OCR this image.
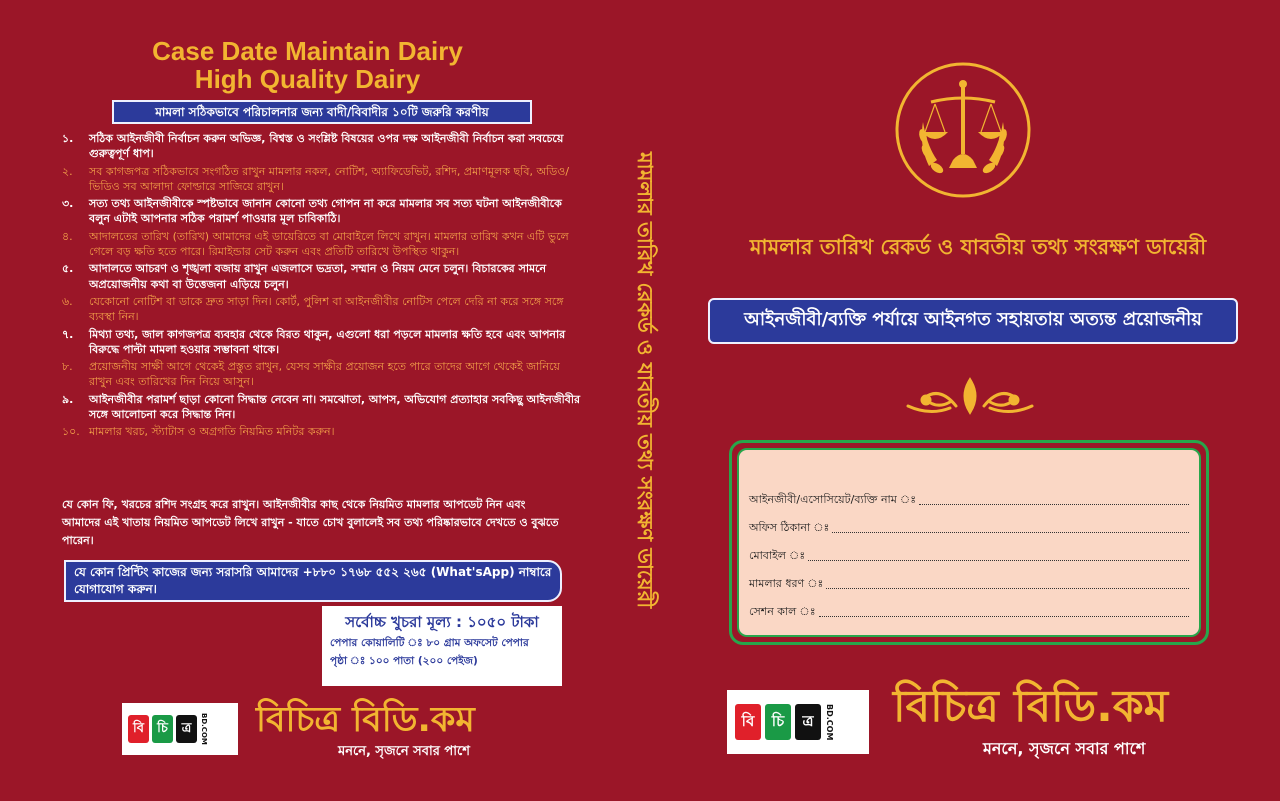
Case Date Maintain Dairy
High Quality Dairy
মামলা সঠিকভাবে পরিচালনার জন্য বাদী/বিবাদীর ১০টি জরুরি করণীয়
১.	সঠিক আইনজীবী নির্বাচন করুন অভিজ্ঞ, বিশ্বস্ত ও সংশ্লিষ্ট বিষয়ের ওপর দক্ষ আইনজীবী নির্বাচন করা সবচেয়ে গুরুত্বপূর্ণ ধাপ।
২.	সব কাগজপত্র সঠিকভাবে সংগঠিত রাখুন মামলার নকল, নোটিশ, অ্যাফিডেভিট, রশিদ, প্রমাণমূলক ছবি, অডিও/ভিডিও সব আলাদা ফোল্ডারে সাজিয়ে রাখুন।
৩.	সত্য তথ্য আইনজীবীকে স্পষ্টভাবে জানান কোনো তথ্য গোপন না করে মামলার সব সত্য ঘটনা আইনজীবীকে বলুন এটাই আপনার সঠিক পরামর্শ পাওয়ার মূল চাবিকাঠি।
৪.	আদালতের তারিখ (তারিখ) আমাদের এই ডায়েরিতে বা মোবাইলে লিখে রাখুন। মামলার তারিখ কখন এটি ভুলে গেলে বড় ক্ষতি হতে পারে। রিমাইন্ডার সেট করুন এবং প্রতিটি তারিখে উপস্থিত থাকুন।
৫.	আদালতে আচরণ ও শৃঙ্খলা বজায় রাখুন এজলাসে ভদ্রতা, সম্মান ও নিয়ম মেনে চলুন। বিচারকের সামনে অপ্রয়োজনীয় কথা বা উত্তেজনা এড়িয়ে চলুন।
৬.	যেকোনো নোটিশ বা ডাকে দ্রুত সাড়া দিন। কোর্ট, পুলিশ বা আইনজীবীর নোটিস পেলে দেরি না করে সঙ্গে সঙ্গে ব্যবস্থা নিন।
৭.	মিথ্যা তথ্য, জাল কাগজপত্র ব্যবহার থেকে বিরত থাকুন, এগুলো ধরা পড়লে মামলার ক্ষতি হবে এবং আপনার বিরুদ্ধে পাল্টা মামলা হওয়ার সম্ভাবনা থাকে।
৮.	প্রয়োজনীয় সাক্ষী আগে থেকেই প্রস্তুত রাখুন, যেসব সাক্ষীর প্রয়োজন হতে পারে তাদের আগে থেকেই জানিয়ে রাখুন এবং তারিখের দিন নিয়ে আসুন।
৯.	আইনজীবীর পরামর্শ ছাড়া কোনো সিদ্ধান্ত নেবেন না। সমঝোতা, আপস, অভিযোগ প্রত্যাহার সবকিছু আইনজীবীর সঙ্গে আলোচনা করে সিদ্ধান্ত নিন।
১০. মামলার খরচ, স্ট্যাটাস ও অগ্রগতি নিয়মিত মনিটর করুন।
যে কোন ফি, খরচের রশিদ সংগ্রহ করে রাখুন। আইনজীবীর কাছ থেকে নিয়মিত মামলার আপডেট নিন এবং আমাদের এই খাতায় নিয়মিত আপডেট লিখে রাখুন - যাতে চোখ বুলালেই সব তথ্য পরিষ্কারভাবে দেখতে ও বুঝতে পারেন।
যে কোন প্রিন্টিং কাজের জন্য সরাসরি আমাদের +৮৮০ ১৭৬৮ ৫৫২ ২৬৫ (What'sApp) নাম্বারে যোগাযোগ করুন।
সর্বোচ্চ খুচরা মূল্য : ১০৫০ টাকা
পেপার কোয়ালিটি ঃ ৮০ গ্রাম অফসেট পেপার
পৃষ্ঠা ঃ ১০০ পাতা (২০০ পেইজ)
বি	চি	ত্র	BD.COM বিচিত্র বিডি.কম
মননে, সৃজনে সবার পাশে
মামলার তারিখ রেকর্ড ও যাবতীয় তথ্য সংরক্ষণ ডায়েরী	মামলার তারিখ রেকর্ড ও যাবতীয় তথ্য সংরক্ষণ ডায়েরী
আইনজীবী/ব্যক্তি পর্যায়ে আইনগত সহায়তায় অত্যন্ত প্রয়োজনীয়
আইনজীবী/এসোসিয়েট/ব্যক্তি নাম ঃ
অফিস ঠিকানা ঃ
মোবাইল ঃ
মামলার ধরণ ঃ
সেশন কাল ঃ
বি	চি	ত্র	BD.COM বিচিত্র বিডি.কম
মননে, সৃজনে সবার পাশে
